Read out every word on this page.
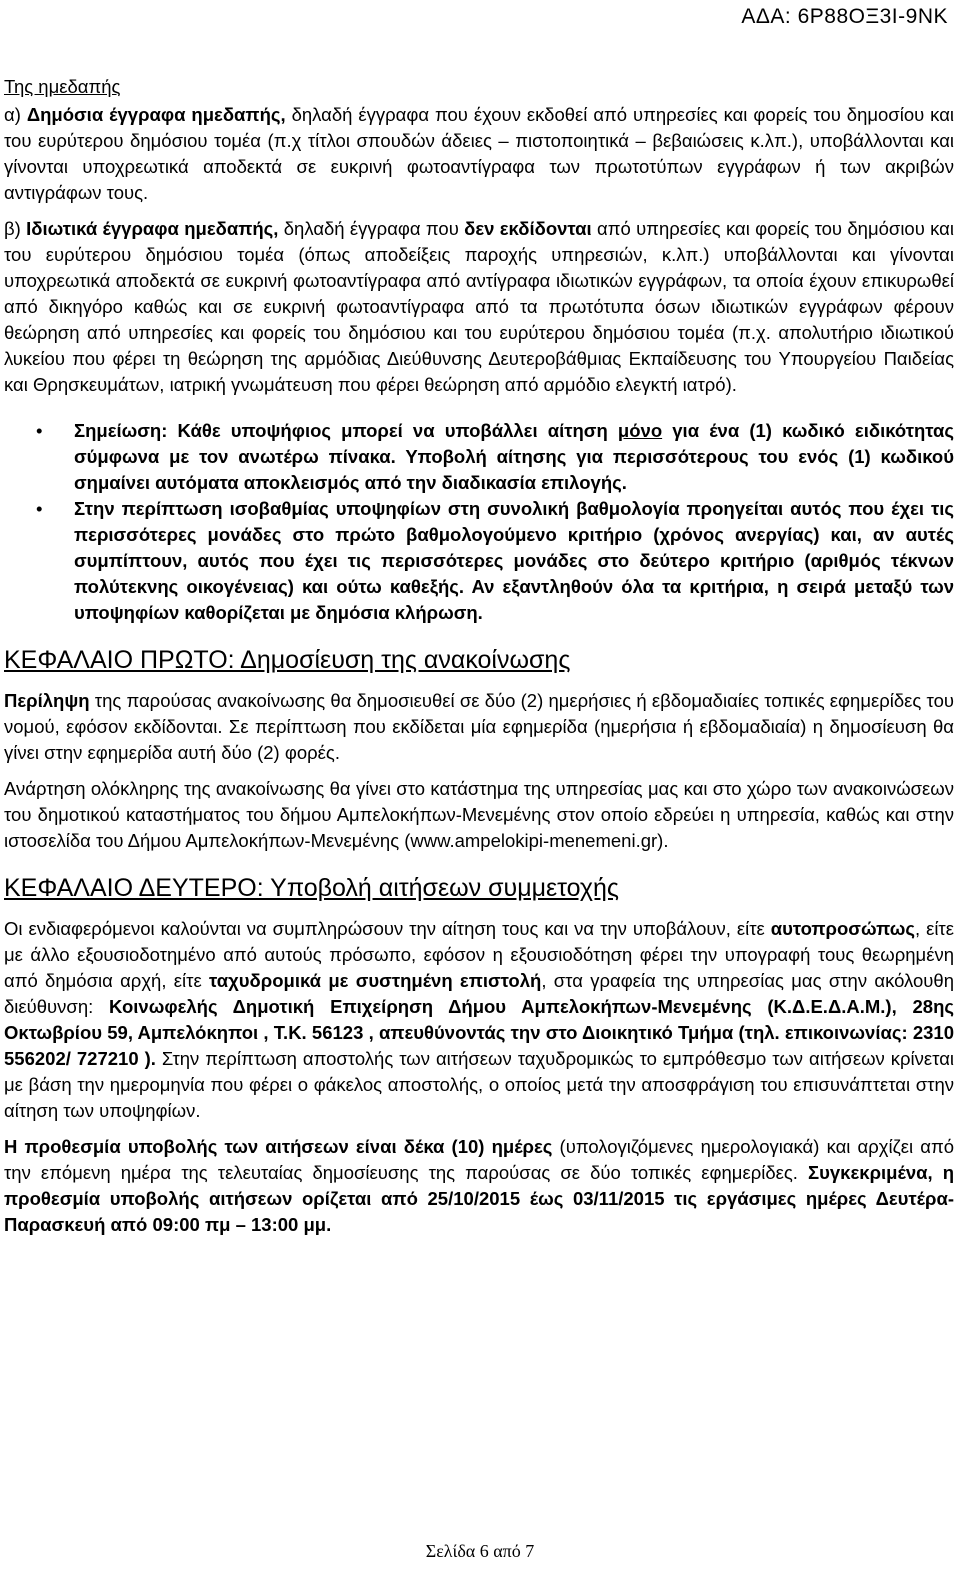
ΑΔΑ: 6Ρ88ΟΞ3Ι-9ΝΚ
Της ημεδαπής

α) Δημόσια έγγραφα ημεδαπής, δηλαδή έγγραφα που έχουν εκδοθεί από υπηρεσίες και φορείς του δημοσίου και του ευρύτερου δημόσιου τομέα (π.χ τίτλοι σπουδών άδειες – πιστοποιητικά – βεβαιώσεις κ.λπ.), υποβάλλονται και γίνονται υποχρεωτικά αποδεκτά σε ευκρινή φωτοαντίγραφα των πρωτοτύπων εγγράφων ή των ακριβών αντιγράφων τους.

β) Ιδιωτικά έγγραφα ημεδαπής, δηλαδή έγγραφα που δεν εκδίδονται από υπηρεσίες και φορείς του δημόσιου και του ευρύτερου δημόσιου τομέα (όπως αποδείξεις παροχής υπηρεσιών, κ.λπ.) υποβάλλονται και γίνονται υποχρεωτικά αποδεκτά σε ευκρινή φωτοαντίγραφα από αντίγραφα ιδιωτικών εγγράφων, τα οποία έχουν επικυρωθεί από δικηγόρο καθώς και σε ευκρινή φωτοαντίγραφα από τα πρωτότυπα όσων ιδιωτικών εγγράφων φέρουν θεώρηση από υπηρεσίες και φορείς του δημόσιου και του ευρύτερου δημόσιου τομέα (π.χ. απολυτήριο ιδιωτικού λυκείου που φέρει τη θεώρηση της αρμόδιας Διεύθυνσης Δευτεροβάθμιας Εκπαίδευσης του Υπουργείου Παιδείας και Θρησκευμάτων, ιατρική γνωμάτευση που φέρει θεώρηση από αρμόδιο ελεγκτή ιατρό).

• Σημείωση: Κάθε υποψήφιος μπορεί να υποβάλλει αίτηση μόνο για ένα (1) κωδικό ειδικότητας σύμφωνα με τον ανωτέρω πίνακα. Υποβολή αίτησης για περισσότερους του ενός (1) κωδικού σημαίνει αυτόματα αποκλεισμός από την διαδικασία επιλογής.
• Στην περίπτωση ισοβαθμίας υποψηφίων στη συνολική βαθμολογία προηγείται αυτός που έχει τις περισσότερες μονάδες στο πρώτο βαθμολογούμενο κριτήριο (χρόνος ανεργίας) και, αν αυτές συμπίπτουν, αυτός που έχει τις περισσότερες μονάδες στο δεύτερο κριτήριο (αριθμός τέκνων πολύτεκνης οικογένειας) και ούτω καθεξής. Αν εξαντληθούν όλα τα κριτήρια, η σειρά μεταξύ των υποψηφίων καθορίζεται με δημόσια κλήρωση.
ΚΕΦΑΛΑΙΟ ΠΡΩΤΟ: Δημοσίευση της ανακοίνωσης

Περίληψη της παρούσας ανακοίνωσης θα δημοσιευθεί σε δύο (2) ημερήσιες ή εβδομαδιαίες τοπικές εφημερίδες του νομού, εφόσον εκδίδονται. Σε περίπτωση που εκδίδεται μία εφημερίδα (ημερήσια ή εβδομαδιαία) η δημοσίευση θα γίνει στην εφημερίδα αυτή δύο (2) φορές.

Ανάρτηση ολόκληρης της ανακοίνωσης θα γίνει στο κατάστημα της υπηρεσίας μας και στο χώρο των ανακοινώσεων του δημοτικού καταστήματος του δήμου Αμπελοκήπων-Μενεμένης στον οποίο εδρεύει η υπηρεσία, καθώς και στην ιστοσελίδα του Δήμου Αμπελοκήπων-Μενεμένης (www.ampelokipi-menemeni.gr).

ΚΕΦΑΛΑΙΟ ΔΕΥΤΕΡΟ: Υποβολή αιτήσεων συμμετοχής

Οι ενδιαφερόμενοι καλούνται να συμπληρώσουν την αίτηση τους και να την υποβάλουν, είτε αυτοπροσώπως, είτε με άλλο εξουσιοδοτημένο από αυτούς πρόσωπο, εφόσον η εξουσιοδότηση φέρει την υπογραφή τους θεωρημένη από δημόσια αρχή, είτε ταχυδρομικά με συστημένη επιστολή, στα γραφεία της υπηρεσίας μας στην ακόλουθη διεύθυνση: Κοινωφελής Δημοτική Επιχείρηση Δήμου Αμπελοκήπων-Μενεμένης (Κ.Δ.Ε.Δ.Α.Μ.), 28ης Οκτωβρίου 59, Αμπελόκηποι , Τ.Κ. 56123 , απευθύνοντάς την στο Διοικητικό Τμήμα (τηλ. επικοινωνίας: 2310 556202/ 727210 ). Στην περίπτωση αποστολής των αιτήσεων ταχυδρομικώς το εμπρόθεσμο των αιτήσεων κρίνεται με βάση την ημερομηνία που φέρει ο φάκελος αποστολής, ο οποίος μετά την αποσφράγιση του επισυνάπτεται στην αίτηση των υποψηφίων.

Η προθεσμία υποβολής των αιτήσεων είναι δέκα (10) ημέρες (υπολογιζόμενες ημερολογιακά) και αρχίζει από την επόμενη ημέρα της τελευταίας δημοσίευσης της παρούσας σε δύο τοπικές εφημερίδες. Συγκεκριμένα, η προθεσμία υποβολής αιτήσεων ορίζεται από 25/10/2015 έως 03/11/2015 τις εργάσιμες ημέρες Δευτέρα-Παρασκευή από 09:00 πμ – 13:00 μμ.

Σελίδα 6 από 7
